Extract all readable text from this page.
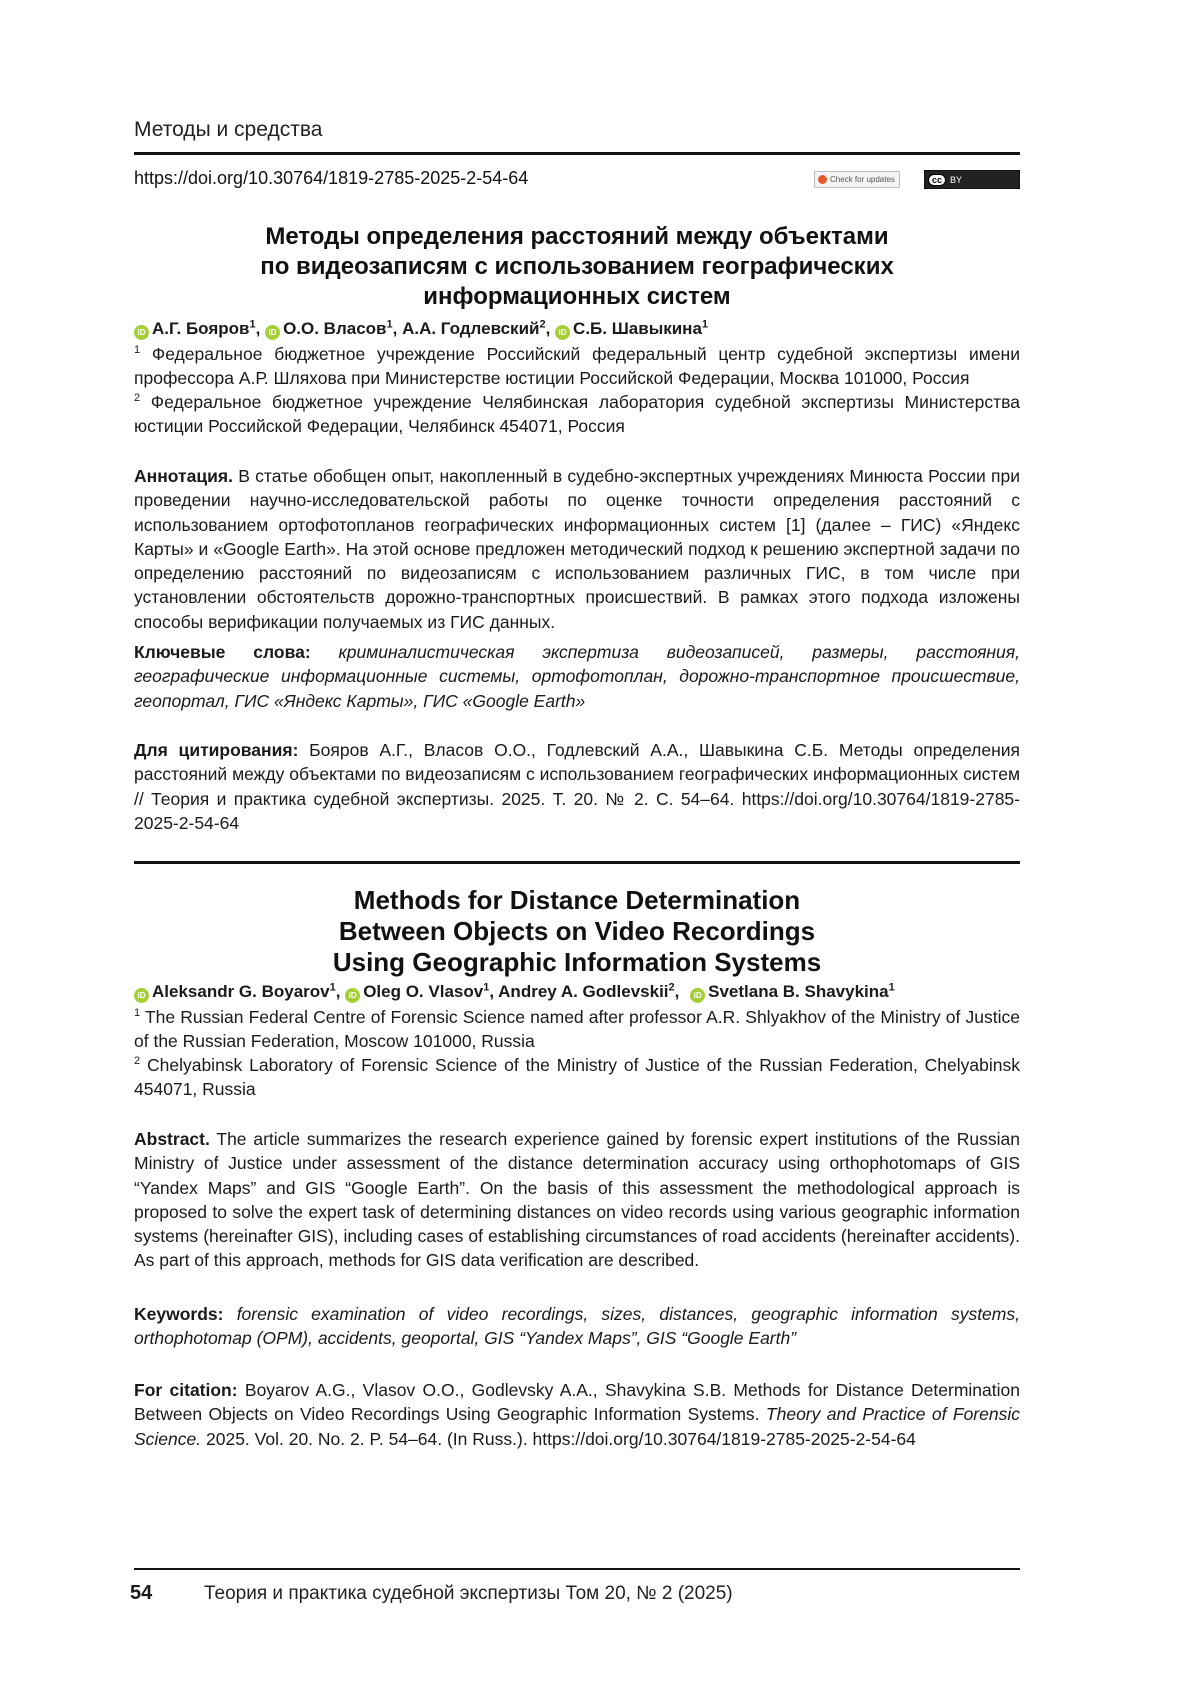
Методы и средства
https://doi.org/10.30764/1819-2785-2025-2-54-64	Check for updates	cc BY
Методы определения расстояний между объектами
по видеозаписям с использованием географических
информационных систем
iD А.Г. Бояров$^1$, iD О.О. Власов$^1$, А.А. Годлевский$^2$, iD С.Б. Шавыкина$^1$

$^1$ Федеральное бюджетное учреждение Российский федеральный центр судебной экспертизы имени профессора А.Р. Шляхова при Министерстве юстиции Российской Федерации, Москва 101000, Россия

$^2$ Федеральное бюджетное учреждение Челябинская лаборатория судебной экспертизы Министерства юстиции Российской Федерации, Челябинск 454071, Россия

Аннотация. В статье обобщен опыт, накопленный в судебно-экспертных учреждениях Минюста России при проведении научно-исследовательской работы по оценке точности определения расстояний с использованием ортофотопланов географических информационных систем [1] (далее – ГИС) «Яндекс Карты» и «Google Earth». На этой основе предложен методический подход к решению экспертной задачи по определению расстояний по видеозаписям с использованием различных ГИС, в том числе при установлении обстоятельств дорожно-транспортных происшествий. В рамках этого подхода изложены способы верификации получаемых из ГИС данных.
Ключевые слова: криминалистическая экспертиза видеозаписей, размеры, расстояния, географические информационные системы, ортофотоплан, дорожно-транспортное происшествие, геопортал, ГИС «Яндекс Карты», ГИС «Google Earth»
Для цитирования: Бояров А.Г., Власов О.О., Годлевский А.А., Шавыкина С.Б. Методы определения расстояний между объектами по видеозаписям с использованием географических информационных систем // Теория и практика судебной экспертизы. 2025. Т. 20. № 2. С. 54–64. https://doi.org/10.30764/1819-2785-2025-2-54-64
Methods for Distance Determination
Between Objects on Video Recordings
Using Geographic Information Systems
iD Aleksandr G. Boyarov$^1$, iD Oleg O. Vlasov$^1$, Andrey A. Godlevskii$^2$, iD Svetlana B. Shavykina$^1$

$^1$ The Russian Federal Centre of Forensic Science named after professor A.R. Shlyakhov of the Ministry of Justice of the Russian Federation, Moscow 101000, Russia

$^2$ Chelyabinsk Laboratory of Forensic Science of the Ministry of Justice of the Russian Federation, Chelyabinsk 454071, Russia

Abstract. The article summarizes the research experience gained by forensic expert institutions of the Russian Ministry of Justice under assessment of the distance determination accuracy using orthophotomaps of GIS “Yandex Maps” and GIS “Google Earth”. On the basis of this assessment the methodological approach is proposed to solve the expert task of determining distances on video records using various geographic information systems (hereinafter GIS), including cases of establishing circumstances of road accidents (hereinafter accidents). As part of this approach, methods for GIS data verification are described.
Keywords: forensic examination of video recordings, sizes, distances, geographic information systems, orthophotomap (OPM), accidents, geoportal, GIS “Yandex Maps”, GIS “Google Earth”
For citation: Boyarov A.G., Vlasov O.O., Godlevsky A.A., Shavykina S.B. Methods for Distance Determination Between Objects on Video Recordings Using Geographic Information Systems. Theory and Practice of Forensic Science. 2025. Vol. 20. No. 2. P. 54–64. (In Russ.). https://doi.org/10.30764/1819-2785-2025-2-54-64
54	Теория и практика судебной экспертизы Том 20, № 2 (2025)
